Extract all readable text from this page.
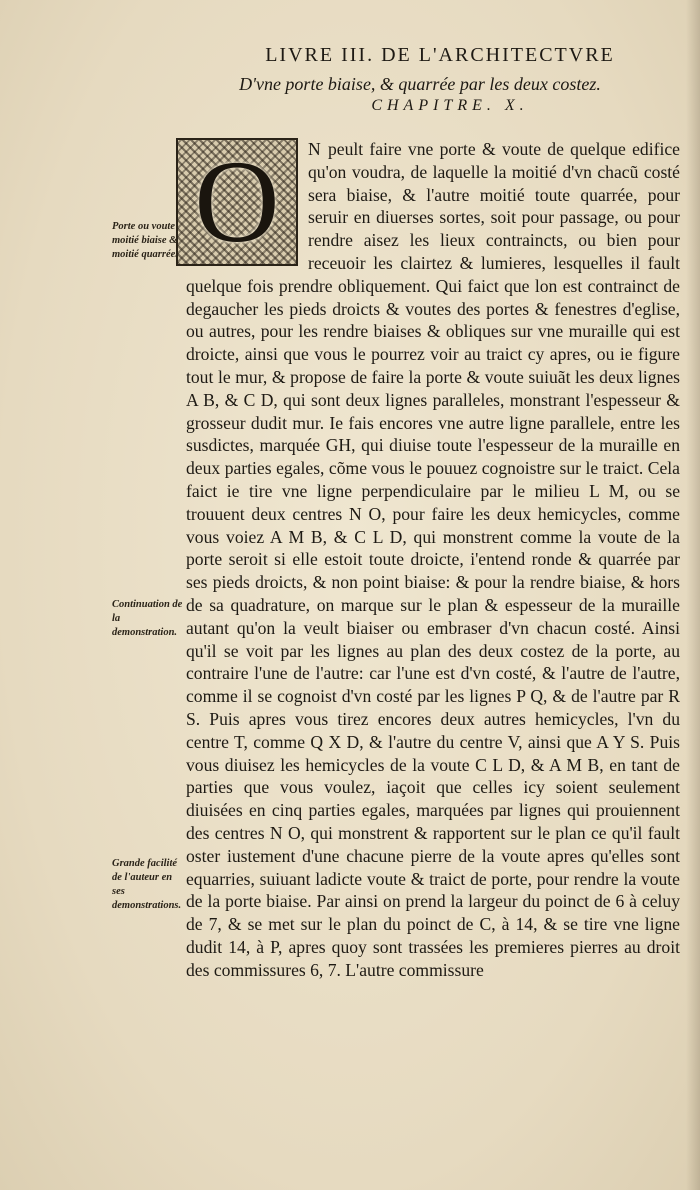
LIVRE III. DE L'ARCHITECTVRE
D'vne porte biaise, & quarrée par les deux costez.
CHAPITRE. X.
O	N peult faire vne porte & voute de quelque edifice qu'on voudra, de laquelle la moitié d'vn chacũ costé sera biaise, & l'autre moitié toute quarrée, pour seruir en diuerses sortes, soit pour passage, ou pour rendre aisez les lieux contraincts, ou bien pour receuoir les clairtez & lumieres, lesquelles il fault quelque fois prendre obliquement. Qui faict que lon est contrainct de degaucher les pieds droicts & voutes des portes & fenestres d'eglise, ou autres, pour les rendre biaises & obliques sur vne muraille qui est droicte, ainsi que vous le pourrez voir au traict cy apres, ou ie figure tout le mur, & propose de faire la porte & voute suiuãt les deux lignes A B, & C D, qui sont deux lignes paralleles, monstrant l'espesseur & grosseur dudit mur. Ie fais encores vne autre ligne parallele, entre les susdictes, marquée GH, qui diuise toute l'espesseur de la muraille en deux parties egales, cõme vous le pouuez cognoistre sur le traict. Cela faict ie tire vne ligne perpendiculaire par le milieu L M, ou se trouuent deux centres N O, pour faire les deux hemicycles, comme vous voiez A M B, & C L D, qui monstrent comme la voute de la porte seroit si elle estoit toute droicte, i'entend ronde & quarrée par ses pieds droicts, & non point biaise: & pour la rendre biaise, & hors de sa quadrature, on marque sur le plan & espesseur de la muraille autant qu'on la veult biaiser ou embraser d'vn chacun costé. Ainsi qu'il se voit par les lignes au plan des deux costez de la porte, au contraire l'une de l'autre: car l'une est d'vn costé, & l'autre de l'autre, comme il se cognoist d'vn costé par les lignes P Q, & de l'autre par R S. Puis apres vous tirez encores deux autres hemicycles, l'vn du centre T, comme Q X D, & l'autre du centre V, ainsi que A Y S. Puis vous diuisez les hemicycles de la voute C L D, & A M B, en tant de parties que vous voulez, iaçoit que celles icy soient seulement diuisées en cinq parties egales, marquées par lignes qui prouiennent des centres N O, qui monstrent & rapportent sur le plan ce qu'il fault oster iustement d'une chacune pierre de la voute apres qu'elles sont equarries, suiuant ladicte voute & traict de porte, pour rendre la voute de la porte biaise. Par ainsi on prend la largeur du poinct de 6 à celuy de 7, & se met sur le plan du poinct de C, à 14, & se tire vne ligne dudit 14, à P, apres quoy sont trassées les premieres pierres au droit des commissures 6, 7. L'autre commissure

Porte ou voute moitié biaise & moitié quarrée.
Continuation de la demonstration.
Grande facilité de l'auteur en ses demonstrations.
